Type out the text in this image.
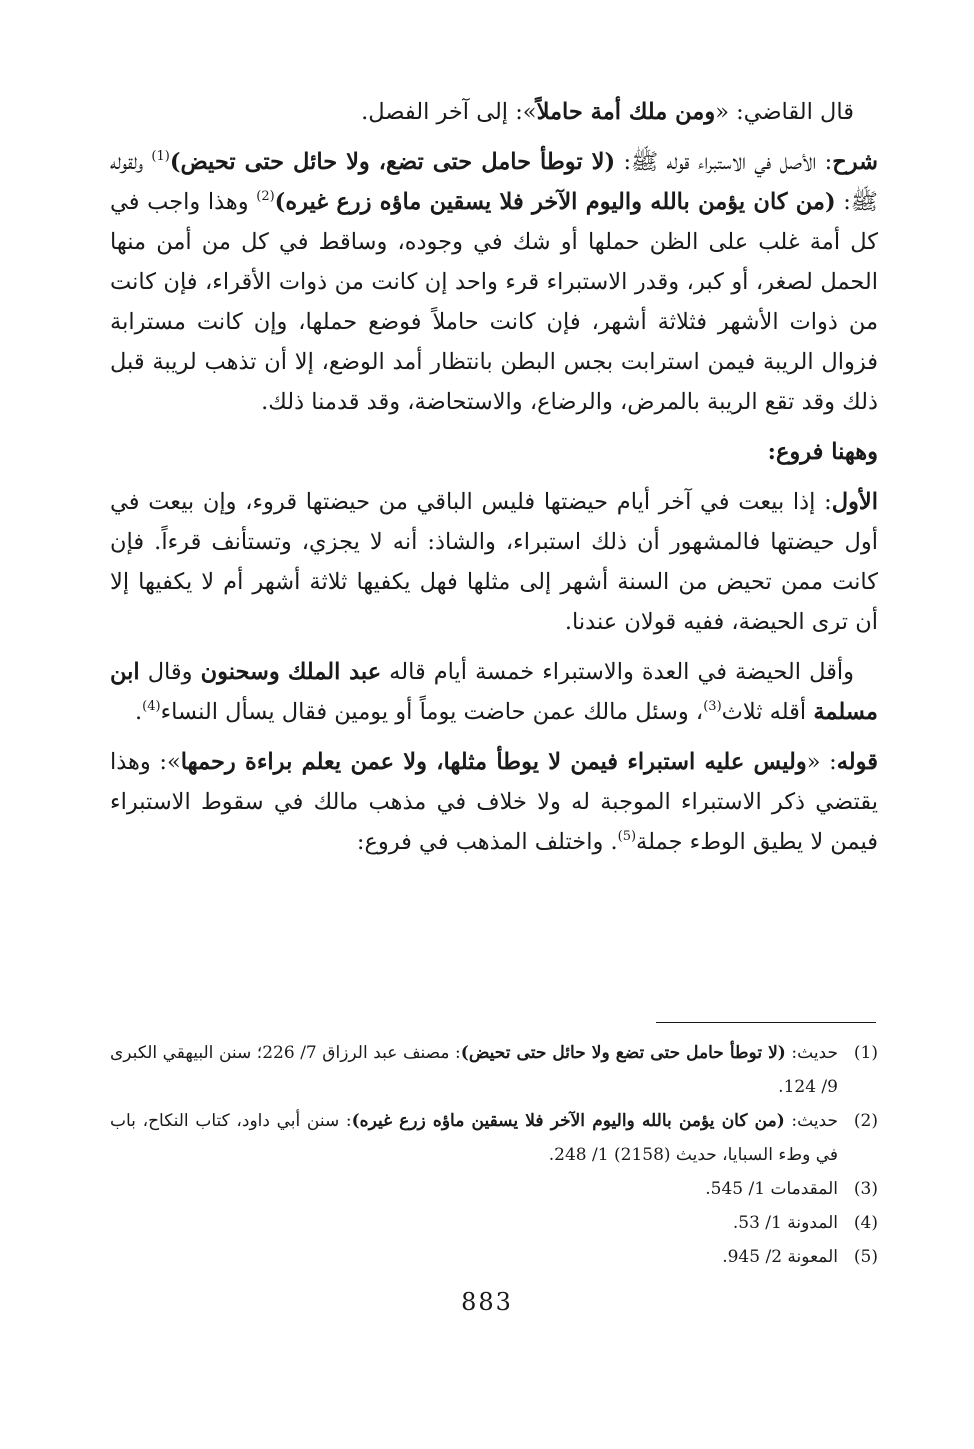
قال القاضي: «ومن ملك أمة حاملاً»: إلى آخر الفصل.

شرح: الأصل في الاستبراء قوله ﷺ: (لا توطأ حامل حتى تضع، ولا حائل حتى تحيض)$^{(1)}$ ولقوله ﷺ: (من كان يؤمن بالله واليوم الآخر فلا يسقين ماؤه زرع غيره)$^{(2)}$ وهذا واجب في كل أمة غلب على الظن حملها أو شك في وجوده، وساقط في كل من أمن منها الحمل لصغر، أو كبر، وقدر الاستبراء قرء واحد إن كانت من ذوات الأقراء، فإن كانت من ذوات الأشهر فثلاثة أشهر، فإن كانت حاملاً فوضع حملها، وإن كانت مسترابة فزوال الريبة فيمن استرابت بجس البطن بانتظار أمد الوضع، إلا أن تذهب لريبة قبل ذلك وقد تقع الريبة بالمرض، والرضاع، والاستحاضة، وقد قدمنا ذلك.

وههنا فروع:

الأول: إذا بيعت في آخر أيام حيضتها فليس الباقي من حيضتها قروء، وإن بيعت في أول حيضتها فالمشهور أن ذلك استبراء، والشاذ: أنه لا يجزي، وتستأنف قرءاً. فإن كانت ممن تحيض من السنة أشهر إلى مثلها فهل يكفيها ثلاثة أشهر أم لا يكفيها إلا أن ترى الحيضة، ففيه قولان عندنا.

وأقل الحيضة في العدة والاستبراء خمسة أيام قاله عبد الملك وسحنون وقال ابن مسلمة أقله ثلاث$^{(3)}$، وسئل مالك عمن حاضت يوماً أو يومين فقال يسأل النساء$^{(4)}$.

قوله: «وليس عليه استبراء فيمن لا يوطأ مثلها، ولا عمن يعلم براءة رحمها»: وهذا يقتضي ذكر الاستبراء الموجبة له ولا خلاف في مذهب مالك في سقوط الاستبراء فيمن لا يطيق الوطء جملة$^{(5)}$. واختلف المذهب في فروع:

(1)
حديث: (لا توطأ حامل حتى تضع ولا حائل حتى تحيض): مصنف عبد الرزاق 7/ 226؛ سنن البيهقي الكبرى 9/ 124.
(2)
حديث: (من كان يؤمن بالله واليوم الآخر فلا يسقين ماؤه زرع غيره): سنن أبي داود، كتاب النكاح، باب في وطء السبايا، حديث (2158) 1/ 248.
(3)
المقدمات 1/ 545.
(4)
المدونة 1/ 53.
(5)
المعونة 2/ 945.
883
